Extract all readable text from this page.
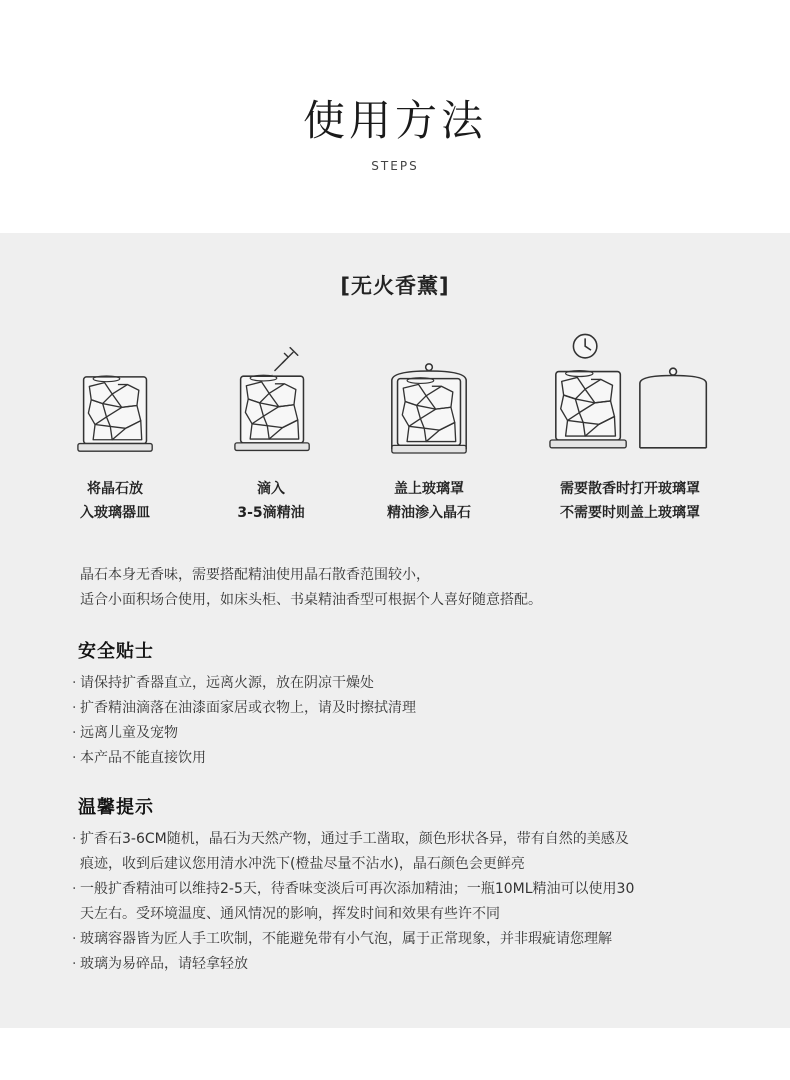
使用方法
STEPS
[无火香薰]
将晶石放
入玻璃器皿
滴入
3-5滴精油
盖上玻璃罩
精油渗入晶石
需要散香时打开玻璃罩
不需要时则盖上玻璃罩
晶石本身无香味，需要搭配精油使用晶石散香范围较小，
适合小面积场合使用，如床头柜、书桌精油香型可根据个人喜好随意搭配。
安全贴士
· 请保持扩香器直立，远离火源，放在阴凉干燥处
· 扩香精油滴落在油漆面家居或衣物上，请及时擦拭清理
· 远离儿童及宠物
· 本产品不能直接饮用
温馨提示
· 扩香石3-6CM随机，晶石为天然产物，通过手工凿取，颜色形状各异，带有自然的美感及
痕迹，收到后建议您用清水冲洗下(橙盐尽量不沾水)，晶石颜色会更鲜亮
· 一般扩香精油可以维持2-5天，待香味变淡后可再次添加精油；一瓶10ML精油可以使用30
天左右。受环境温度、通风情况的影响，挥发时间和效果有些许不同
· 玻璃容器皆为匠人手工吹制，不能避免带有小气泡，属于正常现象，并非瑕疵请您理解
· 玻璃为易碎品，请轻拿轻放
